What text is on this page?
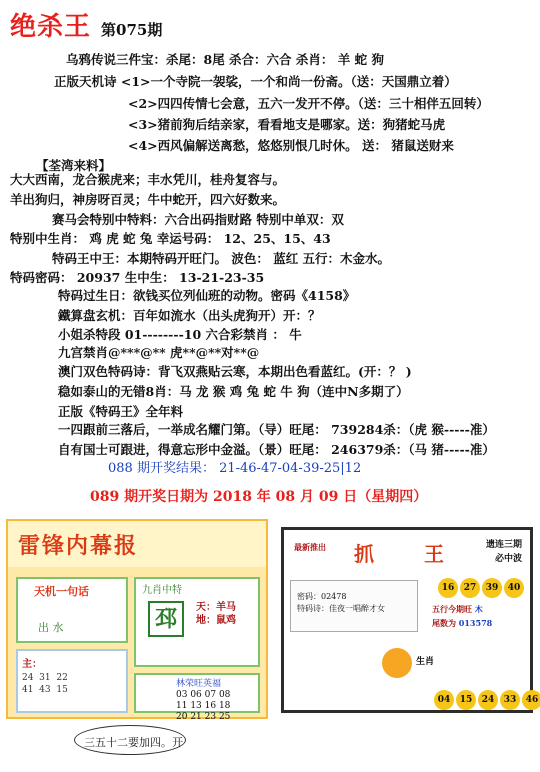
绝杀王 第075期
乌鸦传说三件宝：杀尾：8尾 杀合：六合 杀肖： 羊 蛇 狗
正版天机诗 <1>一个寺院一袈裟，一个和尚一份斋。（送：天国鼎立着）
<2>四四传情七会意，五六一发开不停。（送：三十相伴五回转）
<3>猪前狗后结亲家，看看地支是哪家。送：狗猪蛇马虎
<4>西风偏解送离愁，悠悠别恨几时休。 送： 猪鼠送财来
【荃湾来料】
大大西南，龙合猴虎来；丰水凭川，桂舟复容与。
羊出狗归，神房呀百灵；牛中蛇开，四六好数来。
赛马会特别中特料：六合出码指财路 特别中单双：双
特别中生肖： 鸡 虎 蛇 兔 幸运号码： 12、25、15、43
特码王中王：本期特码开旺门。 波色： 蓝红 五行：木金水。
特码密码： 20937 生中生： 13-21-23-35
特码过生日：欲钱买位列仙班的动物。密码《4158》
鐵算盘玄机：百年如流水（出头虎狗开）开：？
小姐杀特段 01--------10 六合彩禁肖 ： 牛
九宫禁肖@***@** 虎**@**对**@
澳门双色特码诗：背飞双燕贴云寒，本期出色看蓝红。(开：？ )
稳如泰山的无错8肖：马 龙 猴 鸡 兔 蛇 牛 狗（连中N多期了）
正版《特码王》全年料
一四跟前三落后，一举成名耀门第。（导）旺尾： 739284杀：（虎 猴-----准）
自有国士可跟进，得意忘形中金溢。（景）旺尾： 246379杀：（马 猪-----准）
088 期开奖结果： 21-46-47-04-39-25|12
089 期开奖日期为 2018 年 08 月 09 日（星期四）
雷锋内幕报
天机一句话
出 水
九肖中特
邳	天：羊马
地：鼠鸡
主：
24  31  22
41  43  15
林荣旺英福
03 06 07 08
11 13 16 18
20 21 23 25
三五十二要加四。开
最新推出 抓	王	遗连三期
必中波
密码：02478
特码诗：佳夜一唱醉才女
16	27	39	40
五行今期旺 木
尾数为 013578
生肖
04	15	24	33	46
